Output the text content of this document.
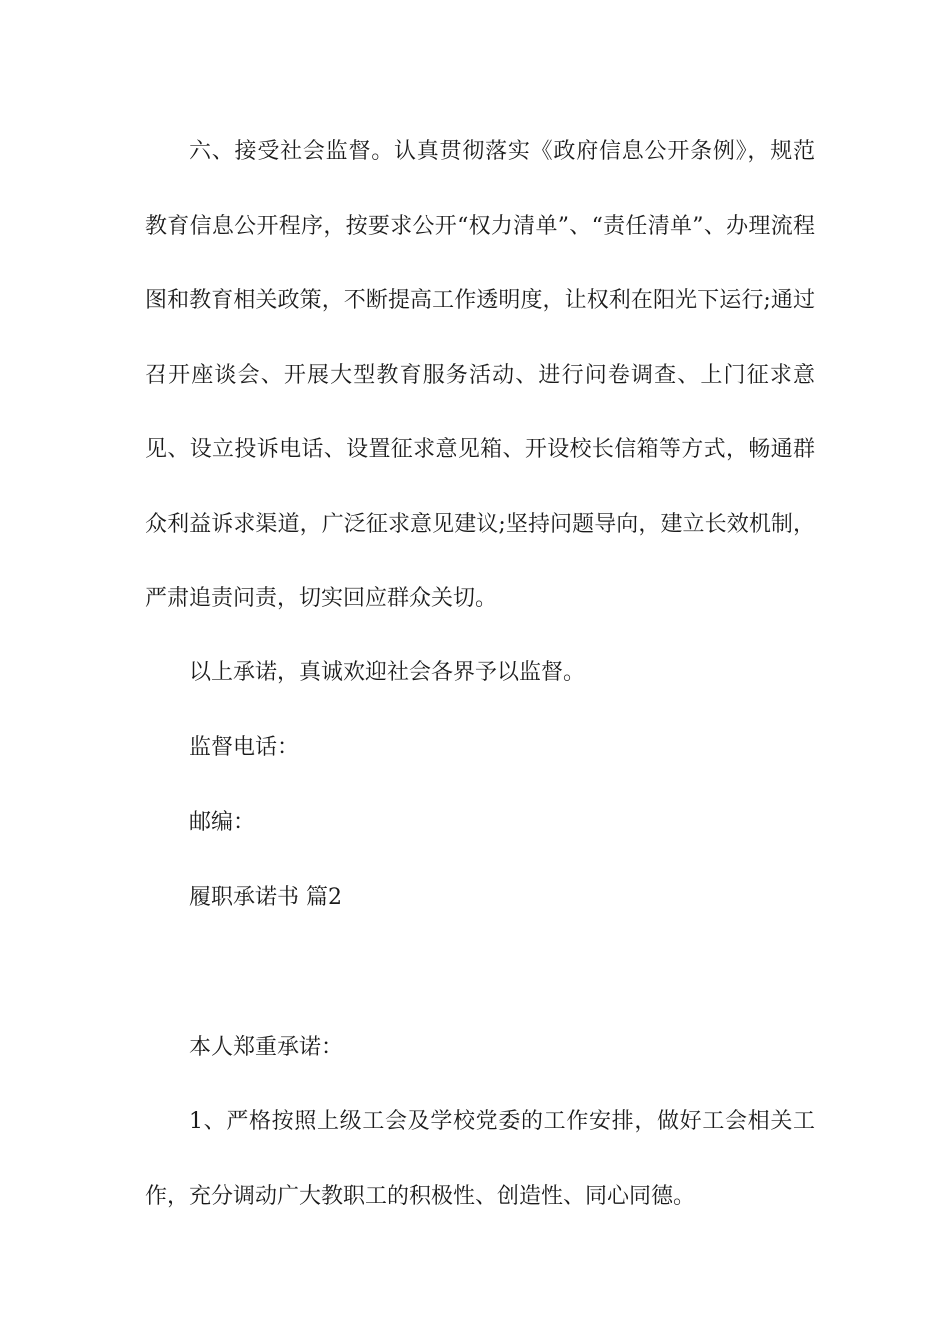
六、接受社会监督。认真贯彻落实《政府信息公开条例》，规范教育信息公开程序，按要求公开“权力清单”、“责任清单”、办理流程图和教育相关政策，不断提高工作透明度，让权利在阳光下运行;通过召开座谈会、开展大型教育服务活动、进行问卷调查、上门征求意见、设立投诉电话、设置征求意见箱、开设校长信箱等方式，畅通群众利益诉求渠道，广泛征求意见建议;坚持问题导向，建立长效机制，严肃追责问责，切实回应群众关切。

以上承诺，真诚欢迎社会各界予以监督。

监督电话：

邮编：

履职承诺书 篇2

本人郑重承诺：

1、严格按照上级工会及学校党委的工作安排，做好工会相关工作，充分调动广大教职工的积极性、创造性、同心同德。
